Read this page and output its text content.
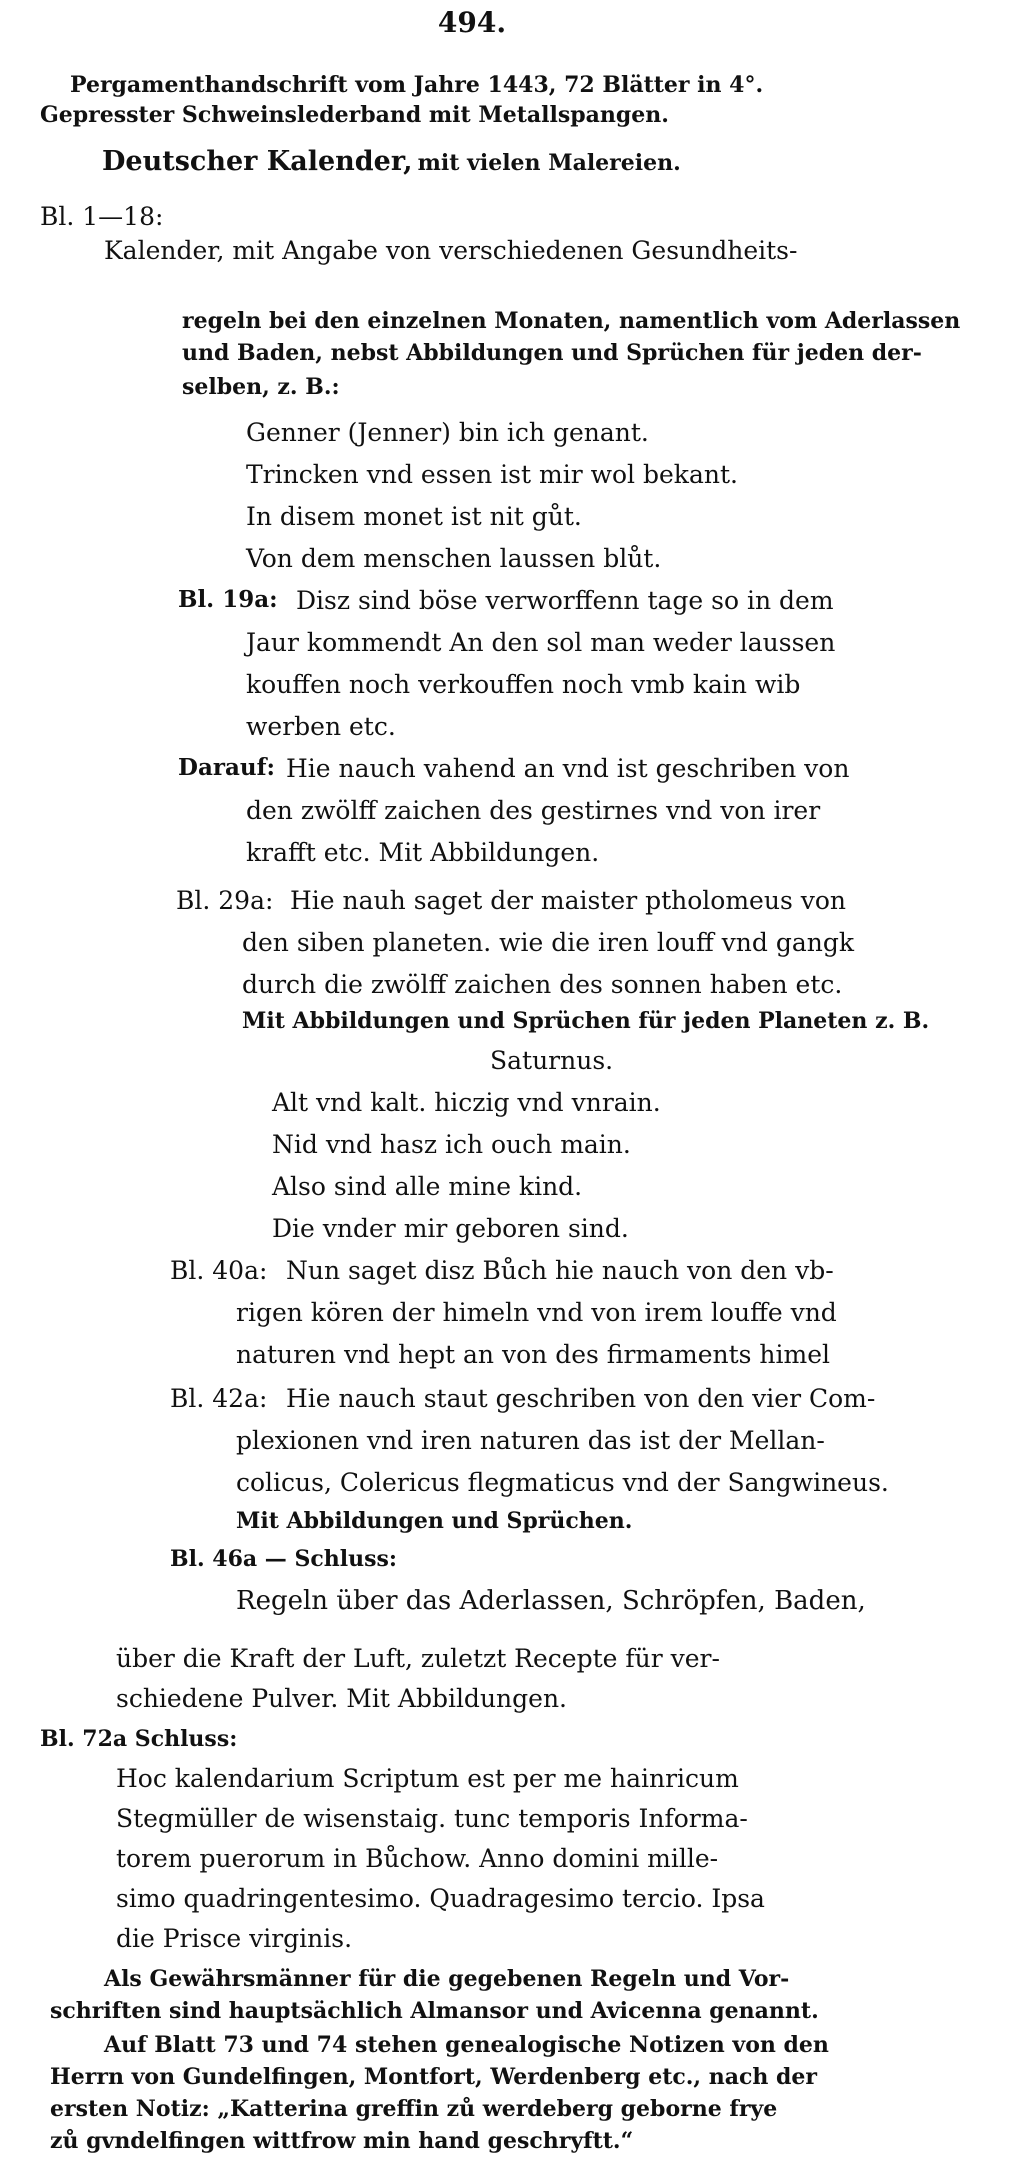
494.
Pergamenthandschrift vom Jahre 1443, 72 Blätter in 4°.
Gepresster Schweinslederband mit Metallspangen.
Deutscher Kalender, mit vielen Malereien.
Bl. 1—18:
Kalender, mit Angabe von verschiedenen Gesundheits-
regeln bei den einzelnen Monaten, namentlich vom Aderlassen
und Baden, nebst Abbildungen und Sprüchen für jeden der-
selben, z. B.:
Genner (Jenner) bin ich genant.
Trincken vnd essen ist mir wol bekant.
In disem monet ist nit gůt.
Von dem menschen laussen blůt.
Bl. 19a: Disz sind böse verworffenn tage so in dem
Jaur kommendt An den sol man weder laussen
kouffen noch verkouffen noch vmb kain wib
werben etc.
Darauf: Hie nauch vahend an vnd ist geschriben von
den zwölff zaichen des gestirnes vnd von irer
krafft etc. Mit Abbildungen.
Bl. 29a: Hie nauh saget der maister ptholomeus von
den siben planeten. wie die iren louff vnd gangk
durch die zwölff zaichen des sonnen haben etc.
Mit Abbildungen und Sprüchen für jeden Planeten z. B.
Saturnus.
Alt vnd kalt. hiczig vnd vnrain.
Nid vnd hasz ich ouch main.
Also sind alle mine kind.
Die vnder mir geboren sind.
Bl. 40a: Nun saget disz Bůch hie nauch von den vb-
rigen kören der himeln vnd von irem louffe vnd
naturen vnd hept an von des firmaments himel
Bl. 42a: Hie nauch staut geschriben von den vier Com-
plexionen vnd iren naturen das ist der Mellan-
colicus, Colericus flegmaticus vnd der Sangwineus.
Mit Abbildungen und Sprüchen.
Bl. 46a — Schluss:
Regeln über das Aderlassen, Schröpfen, Baden,
über die Kraft der Luft, zuletzt Recepte für ver-
schiedene Pulver. Mit Abbildungen.
Bl. 72a Schluss:
Hoc kalendarium Scriptum est per me hainricum
Stegmüller de wisenstaig. tunc temporis Informa-
torem puerorum in Bůchow. Anno domini mille-
simo quadringentesimo. Quadragesimo tercio. Ipsa
die Prisce virginis.
Als Gewährsmänner für die gegebenen Regeln und Vor-
schriften sind hauptsächlich Almansor und Avicenna genannt.
Auf Blatt 73 und 74 stehen genealogische Notizen von den
Herrn von Gundelfingen, Montfort, Werdenberg etc., nach der
ersten Notiz: „Katterina greffin zů werdeberg geborne frye
zů gvndelfingen wittfrow min hand geschryftt.“
